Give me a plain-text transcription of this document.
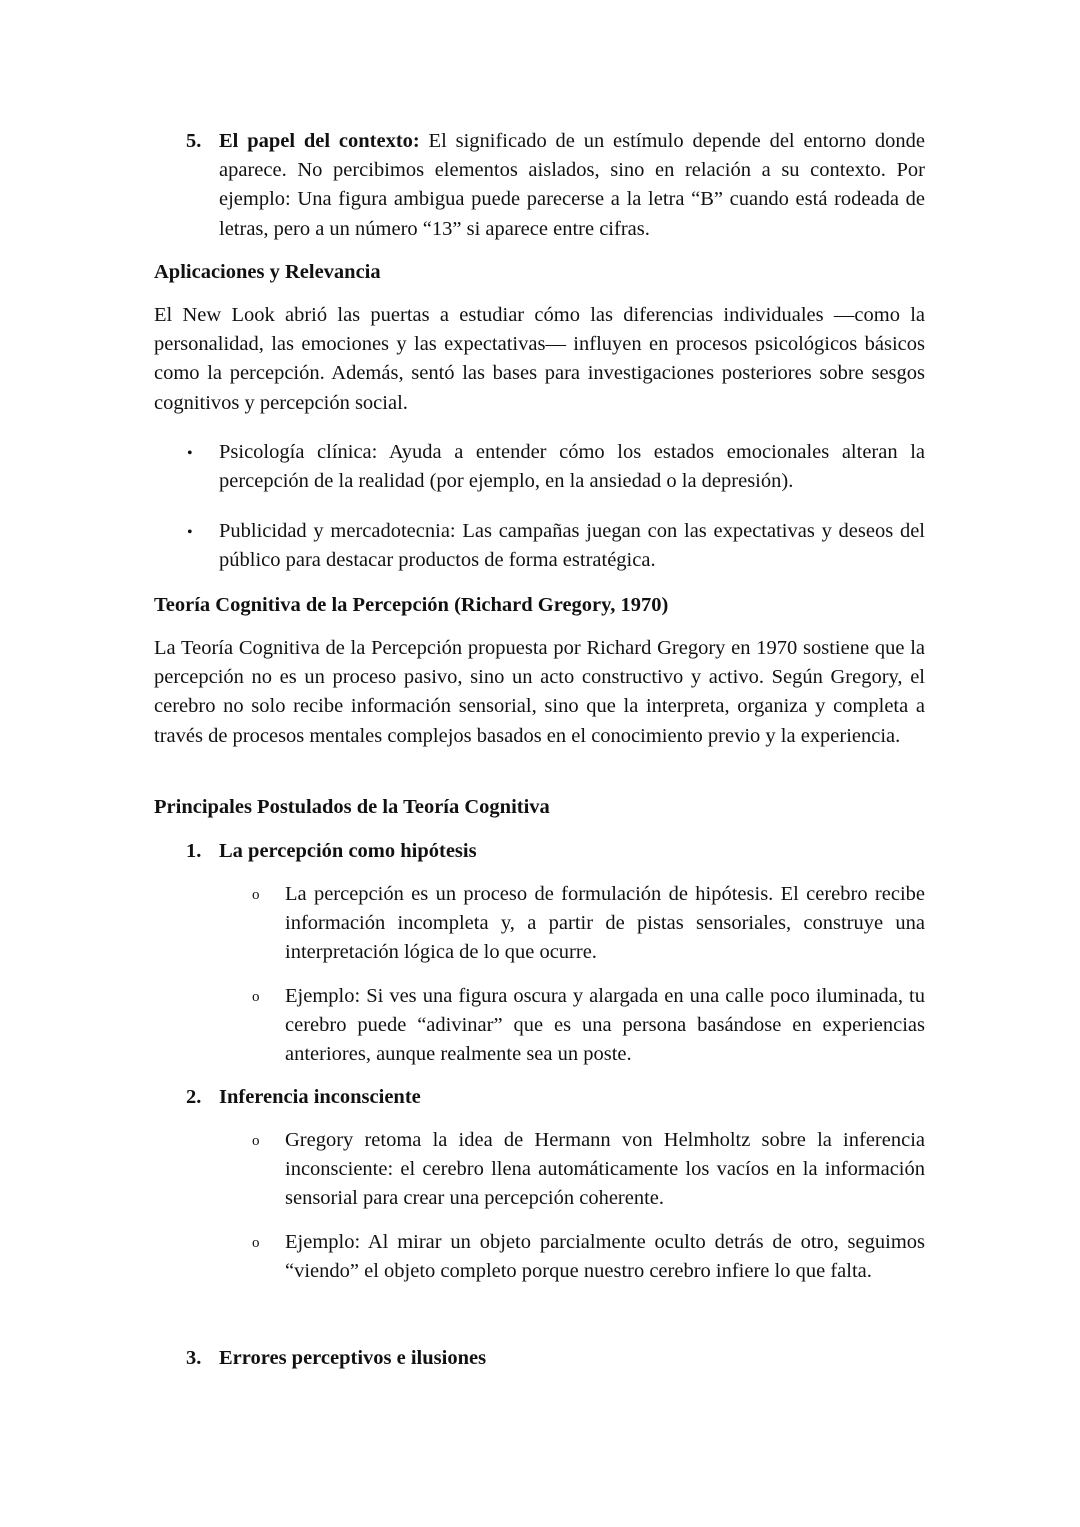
5. El papel del contexto: El significado de un estímulo depende del entorno donde aparece. No percibimos elementos aislados, sino en relación a su contexto. Por ejemplo: Una figura ambigua puede parecerse a la letra “B” cuando está rodeada de letras, pero a un número “13” si aparece entre cifras.
Aplicaciones y Relevancia
El New Look abrió las puertas a estudiar cómo las diferencias individuales —como la personalidad, las emociones y las expectativas— influyen en procesos psicológicos básicos como la percepción. Además, sentó las bases para investigaciones posteriores sobre sesgos cognitivos y percepción social.
• Psicología clínica: Ayuda a entender cómo los estados emocionales alteran la percepción de la realidad (por ejemplo, en la ansiedad o la depresión).
• Publicidad y mercadotecnia: Las campañas juegan con las expectativas y deseos del público para destacar productos de forma estratégica.
Teoría Cognitiva de la Percepción (Richard Gregory, 1970)
La Teoría Cognitiva de la Percepción propuesta por Richard Gregory en 1970 sostiene que la percepción no es un proceso pasivo, sino un acto constructivo y activo. Según Gregory, el cerebro no solo recibe información sensorial, sino que la interpreta, organiza y completa a través de procesos mentales complejos basados en el conocimiento previo y la experiencia.
Principales Postulados de la Teoría Cognitiva
1. La percepción como hipótesis
o La percepción es un proceso de formulación de hipótesis. El cerebro recibe información incompleta y, a partir de pistas sensoriales, construye una interpretación lógica de lo que ocurre.
o Ejemplo: Si ves una figura oscura y alargada en una calle poco iluminada, tu cerebro puede “adivinar” que es una persona basándose en experiencias anteriores, aunque realmente sea un poste.
2. Inferencia inconsciente
o Gregory retoma la idea de Hermann von Helmholtz sobre la inferencia inconsciente: el cerebro llena automáticamente los vacíos en la información sensorial para crear una percepción coherente.
o Ejemplo: Al mirar un objeto parcialmente oculto detrás de otro, seguimos “viendo” el objeto completo porque nuestro cerebro infiere lo que falta.
3. Errores perceptivos e ilusiones
